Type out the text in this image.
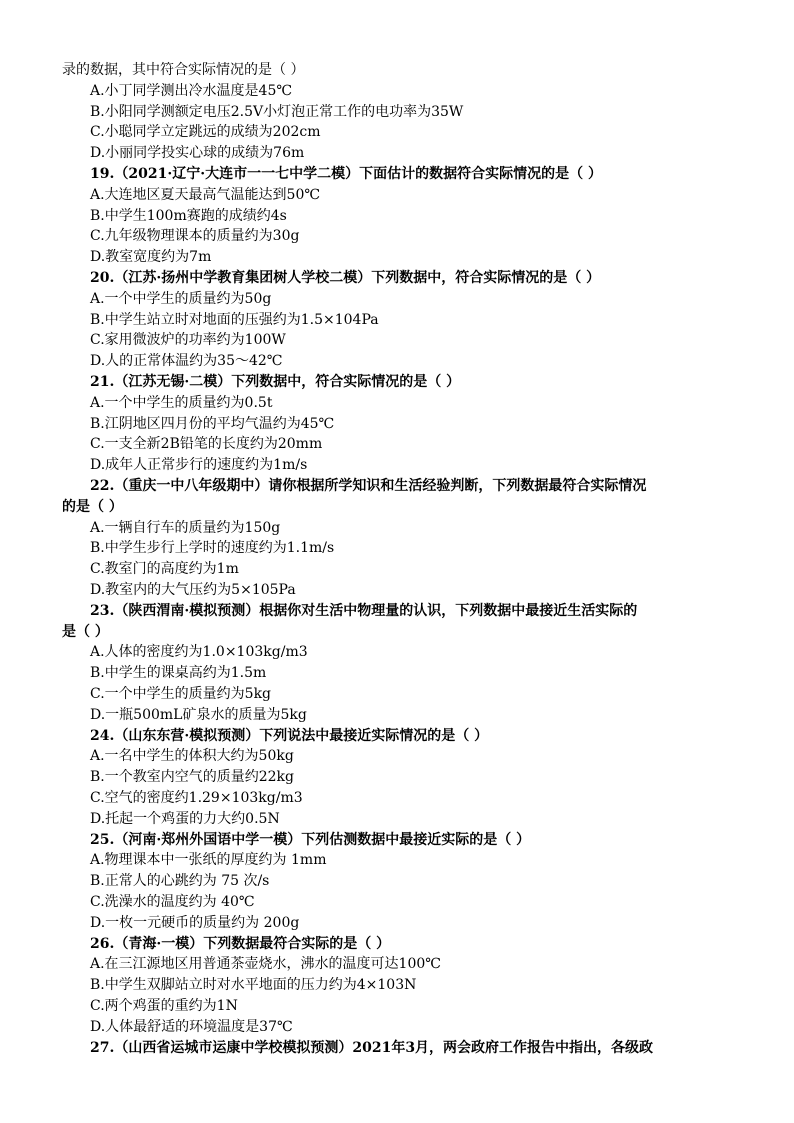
录的数据，其中符合实际情况的是（ ）
A.小丁同学测出冷水温度是45℃
B.小阳同学测额定电压2.5V小灯泡正常工作的电功率为35W
C.小聪同学立定跳远的成绩为202cm
D.小丽同学投实心球的成绩为76m
19.（2021·辽宁·大连市一一七中学二模）下面估计的数据符合实际情况的是（ ）
A.大连地区夏天最高气温能达到50℃
B.中学生100m赛跑的成绩约4s
C.九年级物理课本的质量约为30g
D.教室宽度约为7m
20.（江苏·扬州中学教育集团树人学校二模）下列数据中，符合实际情况的是（ ）
A.一个中学生的质量约为50g
B.中学生站立时对地面的压强约为1.5×104Pa
C.家用微波炉的功率约为100W
D.人的正常体温约为35～42℃
21.（江苏无锡·二模）下列数据中，符合实际情况的是（ ）
A.一个中学生的质量约为0.5t
B.江阴地区四月份的平均气温约为45℃
C.一支全新2B铅笔的长度约为20mm
D.成年人正常步行的速度约为1m/s
22.（重庆一中八年级期中）请你根据所学知识和生活经验判断，下列数据最符合实际情况
的是（ ）
A.一辆自行车的质量约为150g
B.中学生步行上学时的速度约为1.1m/s
C.教室门的高度约为1m
D.教室内的大气压约为5×105Pa
23.（陕西渭南·模拟预测）根据你对生活中物理量的认识，下列数据中最接近生活实际的
是（ ）
A.人体的密度约为1.0×103kg/m3
B.中学生的课桌高约为1.5m
C.一个中学生的质量约为5kg
D.一瓶500mL矿泉水的质量为5kg
24.（山东东营·模拟预测）下列说法中最接近实际情况的是（ ）
A.一名中学生的体积大约为50kg
B.一个教室内空气的质量约22kg
C.空气的密度约1.29×103kg/m3
D.托起一个鸡蛋的力大约0.5N
25.（河南·郑州外国语中学一模）下列估测数据中最接近实际的是（ ）
A.物理课本中一张纸的厚度约为 1mm
B.正常人的心跳约为 75 次/s
C.洗澡水的温度约为 40℃
D.一枚一元硬币的质量约为 200g
26.（青海·一模）下列数据最符合实际的是（ ）
A.在三江源地区用普通茶壶烧水，沸水的温度可达100℃
B.中学生双脚站立时对水平地面的压力约为4×103N
C.两个鸡蛋的重约为1N
D.人体最舒适的环境温度是37℃
27.（山西省运城市运康中学校模拟预测）2021年3月，两会政府工作报告中指出，各级政
